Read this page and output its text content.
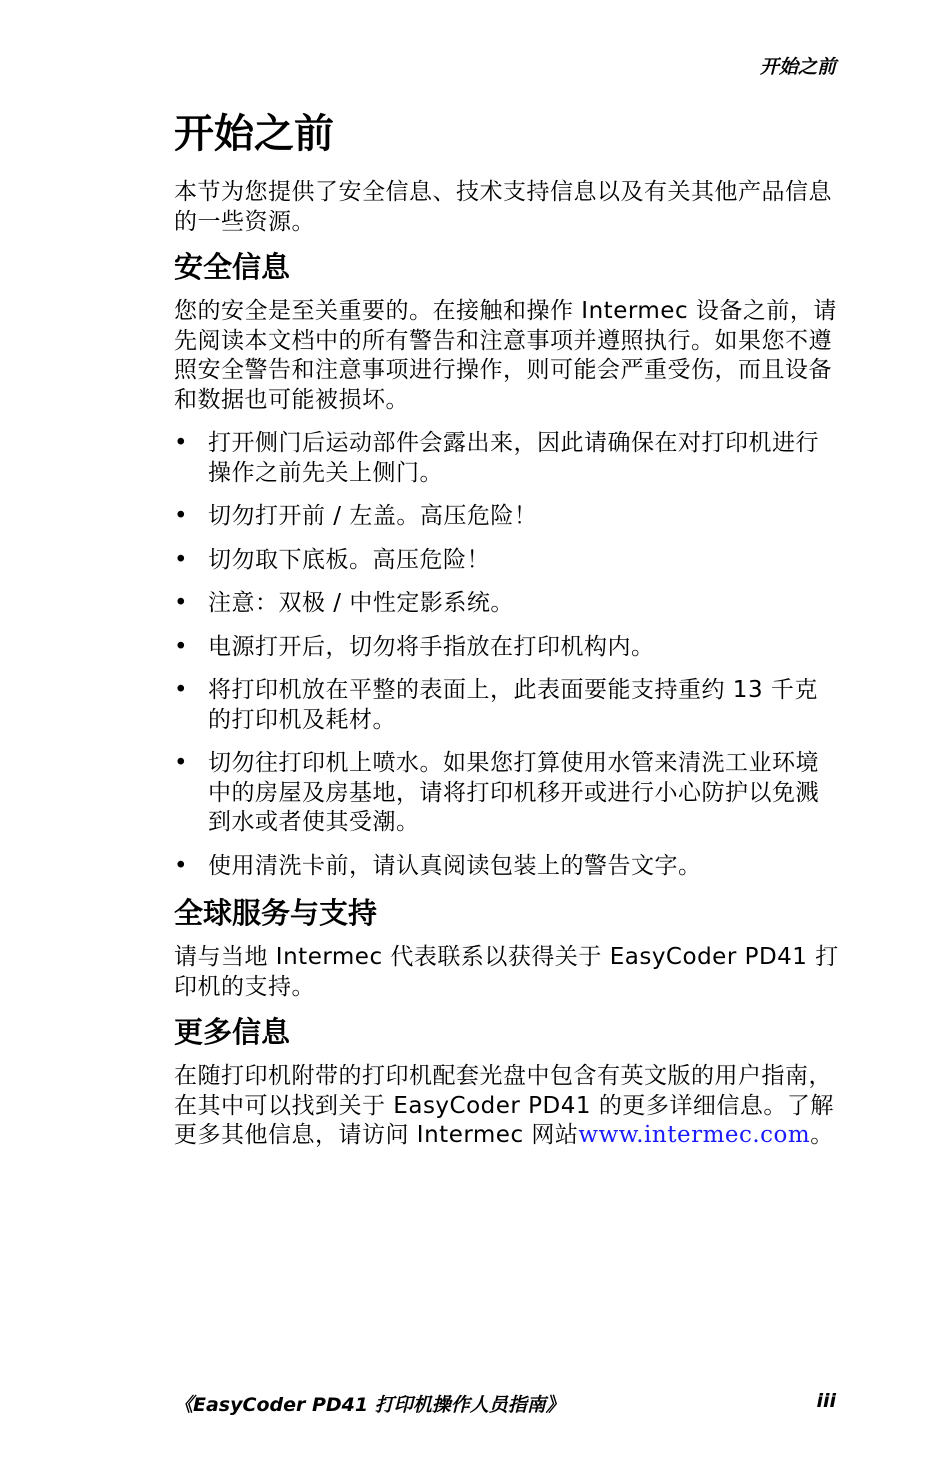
开始之前
开始之前

本节为您提供了安全信息、技术支持信息以及有关其他产品信息的一些资源。

安全信息

您的安全是至关重要的。在接触和操作 Intermec 设备之前，请先阅读本文档中的所有警告和注意事项并遵照执行。如果您不遵照安全警告和注意事项进行操作，则可能会严重受伤，而且设备和数据也可能被损坏。

• 打开侧门后运动部件会露出来，因此请确保在对打印机进行操作之前先关上侧门。
• 切勿打开前 / 左盖。高压危险！
• 切勿取下底板。高压危险！
• 注意：双极 / 中性定影系统。
• 电源打开后，切勿将手指放在打印机构内。
• 将打印机放在平整的表面上，此表面要能支持重约 13 千克的打印机及耗材。
• 切勿往打印机上喷水。如果您打算使用水管来清洗工业环境中的房屋及房基地，请将打印机移开或进行小心防护以免溅到水或者使其受潮。
• 使用清洗卡前，请认真阅读包装上的警告文字。
全球服务与支持

请与当地 Intermec 代表联系以获得关于 EasyCoder PD41 打印机的支持。

更多信息

在随打印机附带的打印机配套光盘中包含有英文版的用户指南，在其中可以找到关于 EasyCoder PD41 的更多详细信息。了解更多其他信息，请访问 Intermec 网站www.intermec.com。

《EasyCoder PD41 打印机操作人员指南》	iii
